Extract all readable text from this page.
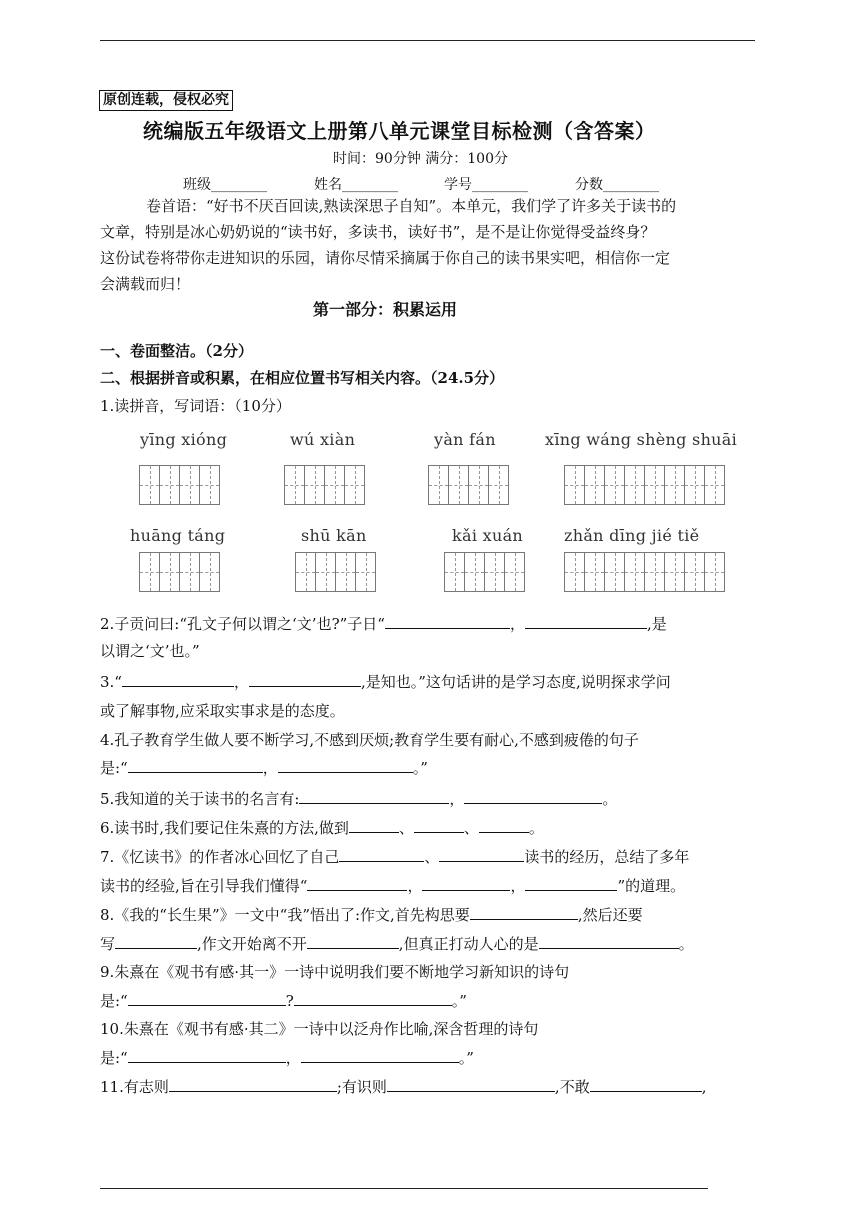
原创连载，侵权必究
统编版五年级语文上册第八单元课堂目标检测（含答案）
时间：90分钟 满分：100分
班级________	姓名________	学号________	分数________
卷首语：“好书不厌百回读,熟读深思子自知”。本单元，我们学了许多关于读书的
文章，特别是冰心奶奶说的“读书好，多读书，读好书”，是不是让你觉得受益终身？
这份试卷将带你走进知识的乐园，请你尽情采摘属于你自己的读书果实吧，相信你一定
会满载而归！
第一部分：积累运用
一、卷面整洁。（2分）
二、根据拼音或积累，在相应位置书写相关内容。（24.5分）
1.读拼音，写词语：（10分）
yīng xióng	wú xiàn	yàn fán	xīng wáng shèng shuāi
huāng táng	shū kān	kǎi xuán	zhǎn dīng jié tiě
2.子贡问曰:“孔文子何以谓之‘文’也?”子日“	，	,是
以谓之‘文’也。”
3.“	，	,是知也。”这句话讲的是学习态度,说明探求学问
或了解事物,应采取实事求是的态度。
4.孔子教育学生做人要不断学习,不感到厌烦;教育学生要有耐心,不感到疲倦的句子
是:“	，	。”
5.我知道的关于读书的名言有:	，	。
6.读书时,我们要记住朱熹的方法,做到	、	、	。
7.《忆读书》的作者冰心回忆了自己	、	读书的经历，总结了多年
读书的经验,旨在引导我们懂得“	，	，	”的道理。
8.《我的“长生果”》一文中“我”悟出了:作文,首先构思要	,然后还要
写	,作文开始离不开	,但真正打动人心的是	。
9.朱熹在《观书有感·其一》一诗中说明我们要不断地学习新知识的诗句
是:“	?	。”
10.朱熹在《观书有感·其二》一诗中以泛舟作比喻,深含哲理的诗句
是:“	，	。”
11.有志则	;有识则	,不敢	,
